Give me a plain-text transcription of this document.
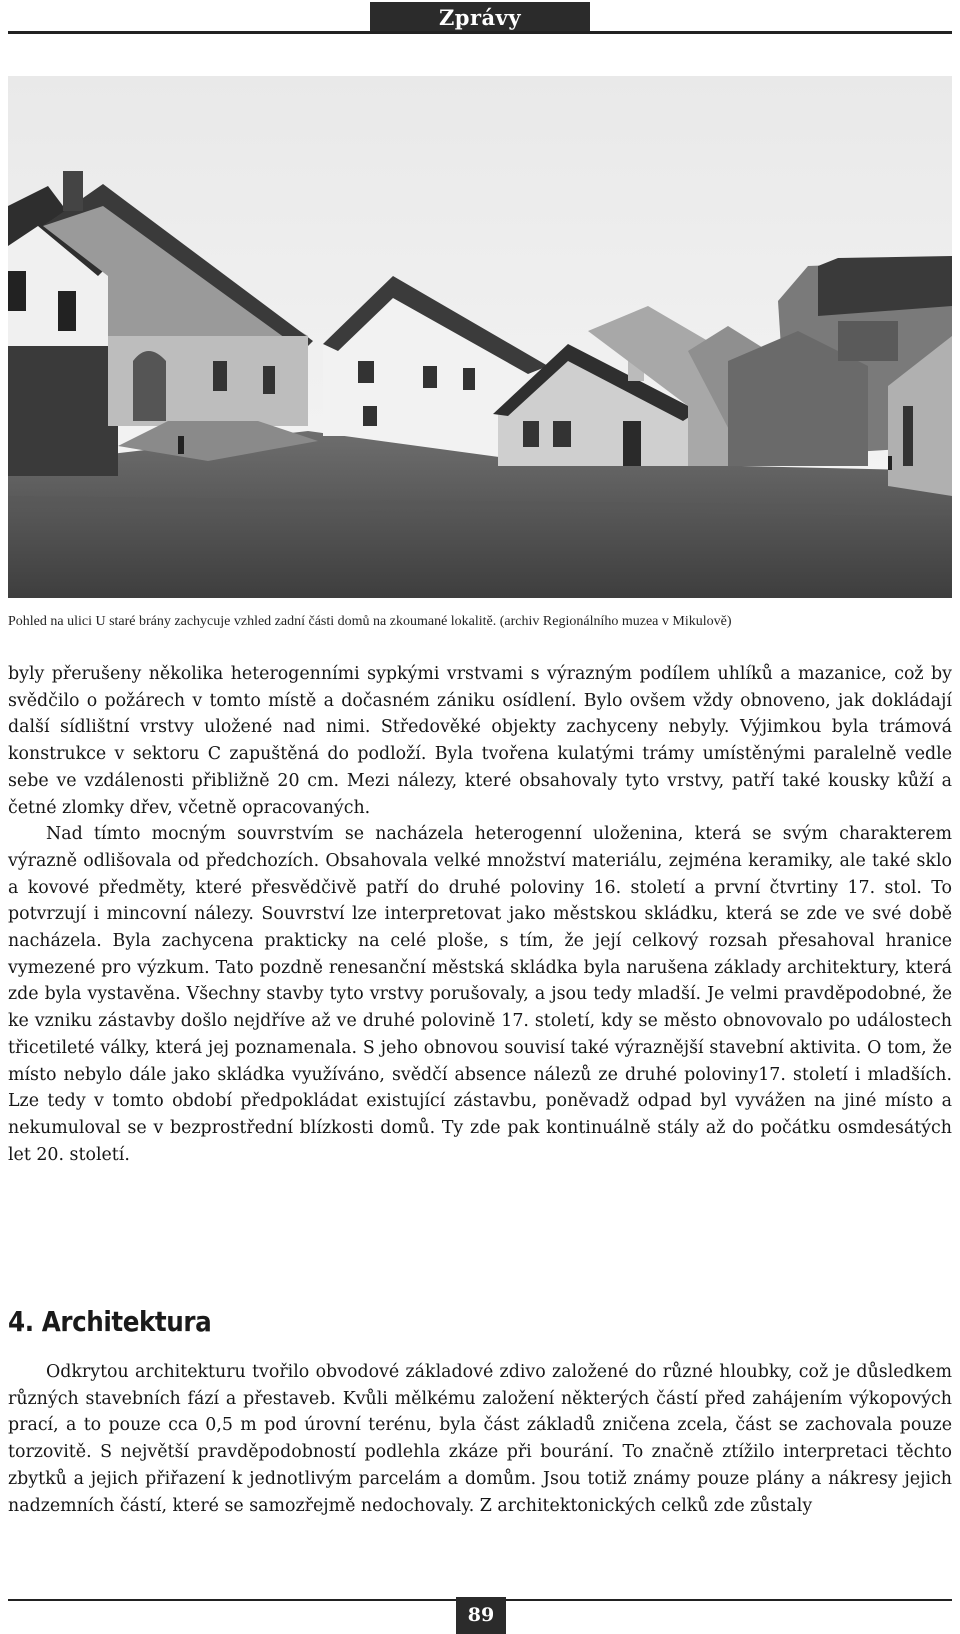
Zprávy
Pohled na ulici U staré brány zachycuje vzhled zadní části domů na zkoumané lokalitě. (archiv Regionálního muzea v Mikulově)

byly přerušeny několika heterogenními sypkými vrstvami s výrazným podílem uhlíků a mazanice, což by svědčilo o požárech v tomto místě a dočasném zániku osídlení. Bylo ovšem vždy obnoveno, jak dokládají další sídlištní vrstvy uložené nad nimi. Středověké objekty zachyceny nebyly. Výjimkou byla trámová konstrukce v sektoru C zapuštěná do podloží. Byla tvořena kulatými trámy umístěnými paralelně vedle sebe ve vzdálenosti přibližně 20 cm. Mezi nálezy, které obsahovaly tyto vrstvy, patří také kousky kůží a četné zlomky dřev, včetně opracovaných.

Nad tímto mocným souvrstvím se nacházela heterogenní uloženina, která se svým charakterem výrazně odlišovala od předchozích. Obsahovala velké množství materiálu, zejména keramiky, ale také sklo a kovové předměty, které přesvědčivě patří do druhé poloviny 16. století a první čtvrtiny 17. stol. To potvrzují i mincovní nálezy. Souvrství lze interpretovat jako městskou skládku, která se zde ve své době nacházela. Byla zachycena prakticky na celé ploše, s tím, že její celkový rozsah přesahoval hranice vymezené pro výzkum. Tato pozdně renesanční městská skládka byla narušena základy architektury, která zde byla vystavěna. Všechny stavby tyto vrstvy porušovaly, a jsou tedy mladší. Je velmi pravděpodobné, že ke vzniku zástavby došlo nejdříve až ve druhé polovině 17. století, kdy se město obnovovalo po událostech třicetileté války, která jej poznamenala. S jeho obnovou souvisí také výraznější stavební aktivita. O tom, že místo nebylo dále jako skládka využíváno, svědčí absence nálezů ze druhé poloviny17. století i mladších. Lze tedy v tomto období předpokládat existující zástavbu, poněvadž odpad byl vyvážen na jiné místo a nekumuloval se v bezprostřední blízkosti domů. Ty zde pak kontinuálně stály až do počátku osmdesátých let 20. století.

4. Architektura

Odkrytou architekturu tvořilo obvodové základové zdivo založené do různé hloubky, což je důsledkem různých stavebních fází a přestaveb. Kvůli mělkému založení některých částí před zahájením výkopových prací, a to pouze cca 0,5 m pod úrovní terénu, byla část základů zničena zcela, část se zachovala pouze torzovitě. S největší pravděpodobností podlehla zkáze při bourání. To značně ztížilo interpretaci těchto zbytků a jejich přiřazení k jednotlivým parcelám a domům. Jsou totiž známy pouze plány a nákresy jejich nadzemních částí, které se samozřejmě nedochovaly. Z architektonických celků zde zůstaly

89
